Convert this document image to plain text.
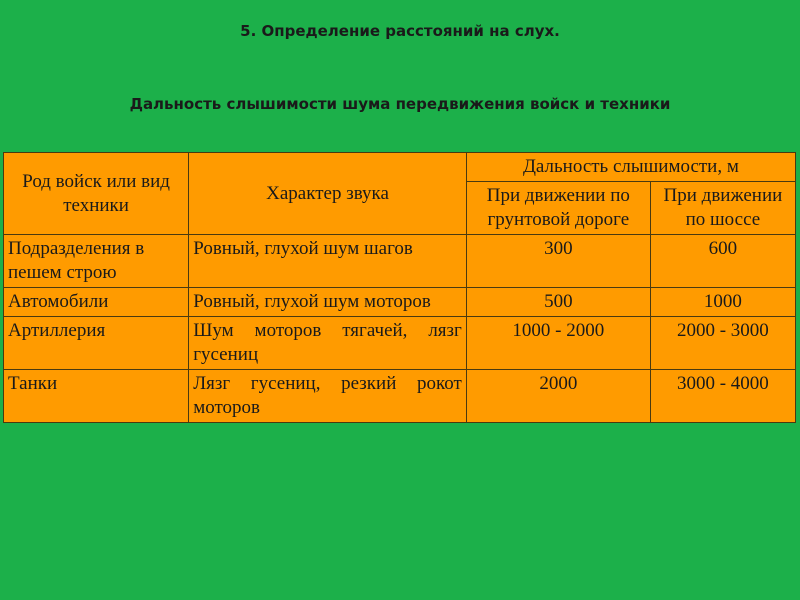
5. Определение расстояний на слух.
Дальность слышимости шума передвижения войск и техники
Род войск или вид техники	Характер звука	Дальность слышимости, м	
		При движении по грунтовой дороге	При движении по шоссе
Подразделения в пешем строю	Ровный, глухой шум шагов	300	600
Автомобили	Ровный, глухой шум моторов	500	1000
Артиллерия	Шум моторов тягачей, лязг гусениц	1000 - 2000	2000 - 3000
Танки	Лязг гусениц, резкий рокот моторов	2000	3000 - 4000
